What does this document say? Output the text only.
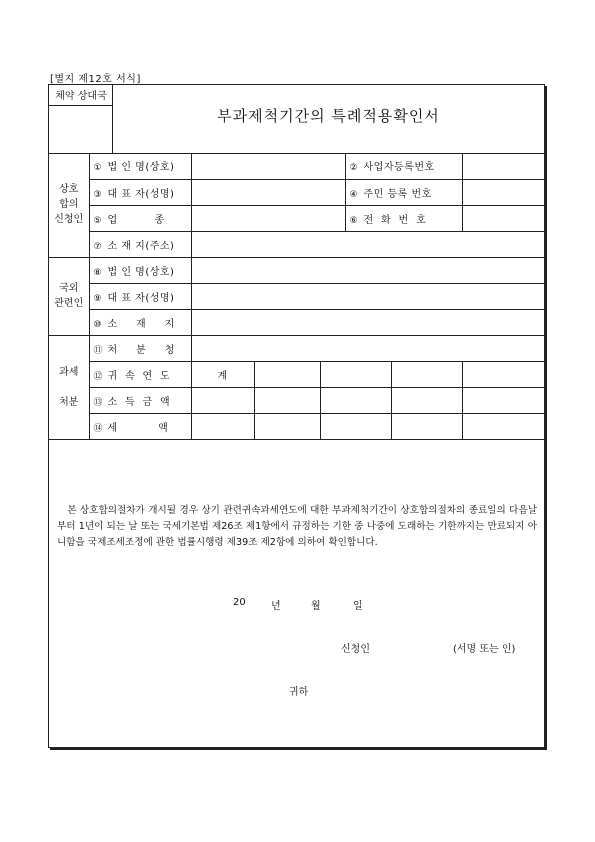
[별지 제12호 서식]
체약 상대국
부과제척기간의 특례적용확인서
상호
합의
신청인	① 법 인 명(상호)				② 사업자등록번호		
	③ 대 표 자(성명)				④ 주민 등록 번호		
	⑤ 업          종				⑥ 전  화  번  호		
	⑦ 소 재 지(주소)						
국외
관련인	⑧ 법 인 명(상호)						
	⑨ 대 표 자(성명)						
	⑩ 소     재     지						
과세

처분	⑪ 처     분     청						
	⑫ 귀  속  연  도	계					
	⑬ 소  득  금  액						
	⑭ 세           액						
본 상호합의절차가 개시될 경우 상기 관련귀속과세연도에 대한 부과제척기간이 상호합의절차의 종료일의 다음날부터 1년이 되는 날 또는 국세기본법 제26조 제1항에서 규정하는 기한 중 나중에 도래하는 기한까지는 만료되지 아니함을 국제조세조정에 관한 법률시행령 제39조 제2항에 의하여 확인합니다.
20	년	월	일
신청인	(서명 또는 인)
귀하
